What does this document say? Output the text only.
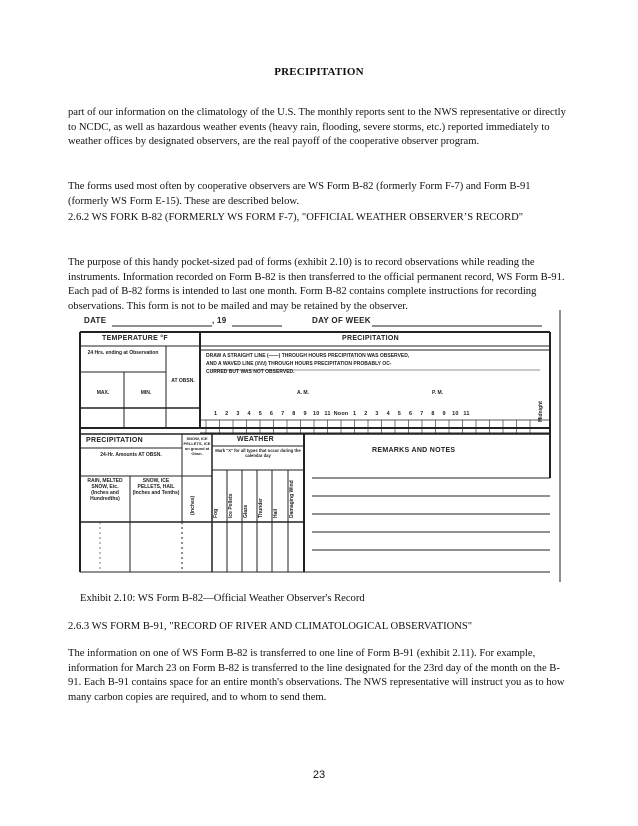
PRECIPITATION

part of our information on the climatology of the U.S. The monthly reports sent to the NWS representative or directly to NCDC, as well as hazardous weather events (heavy rain, flooding, severe storms, etc.) reported immediately to weather offices by designated observers, are the real payoff of the cooperative observer program.

The forms used most often by cooperative observers are WS Form B-82 (formerly Form F-7) and Form B-91 (formerly WS Form E-15). These are described below.

2.6.2 WS FORK B-82 (FORMERLY WS FORM F-7), "OFFICIAL WEATHER OBSERVER’S RECORD"

The purpose of this handy pocket-sized pad of forms (exhibit 2.10) is to record observations while reading the instruments. Information recorded on Form B-82 is then transferred to the official permanent record, WS Form B-91. Each pad of B-82 forms is intended to last one month. Form B-82 contains complete instructions for recording observations. This form is not to be mailed and may be retained by the observer.

DATE	, 19	DAY OF WEEK
TEMPERATURE °F
24 Hrs. ending at Observation
MAX.	MIN.
AT OBSN.
PRECIPITATION
DRAW A STRAIGHT LINE (——) THROUGH HOURS PRECIPITATION WAS OBSERVED,
AND A WAVED LINE (\/\/\/) THROUGH HOURS PRECIPITATION PROBABLY OC-
CURRED BUT WAS NOT OBSERVED.
A. M.	P. M.
1 2 3 4 5 6 7 8 9 10 11 Noon 1 2 3 4 5 6 7 8 9 10 11	Midnight
PRECIPITATION
24-Hr. Amounts AT OBSN.
SNOW, ICE PELLETS, ICE on ground at Obsn.
RAIN, MELTED SNOW, Etc. (Inches and Hundredths)
SNOW, ICE PELLETS, HAIL (Inches and Tenths)
(Inches)
WEATHER
Mark "X" for all types that occur during the calendar day
Fog Ice Pellets Glaze Thunder Hail Damaging Wind
REMARKS AND NOTES

Exhibit 2.10: WS Form B-82—Official Weather Observer's Record

2.6.3 WS FORM B-91, "RECORD OF RIVER AND CLIMATOLOGICAL OBSERVATIONS"

The information on one of WS Form B-82 is transferred to one line of Form B-91 (exhibit 2.11). For example, information for March 23 on Form B-82 is transferred to the line designated for the 23rd day of the month on the B-91. Each B-91 contains space for an entire month's observations. The NWS representative will instruct you as to how many carbon copies are required, and to whom to send them.

23
